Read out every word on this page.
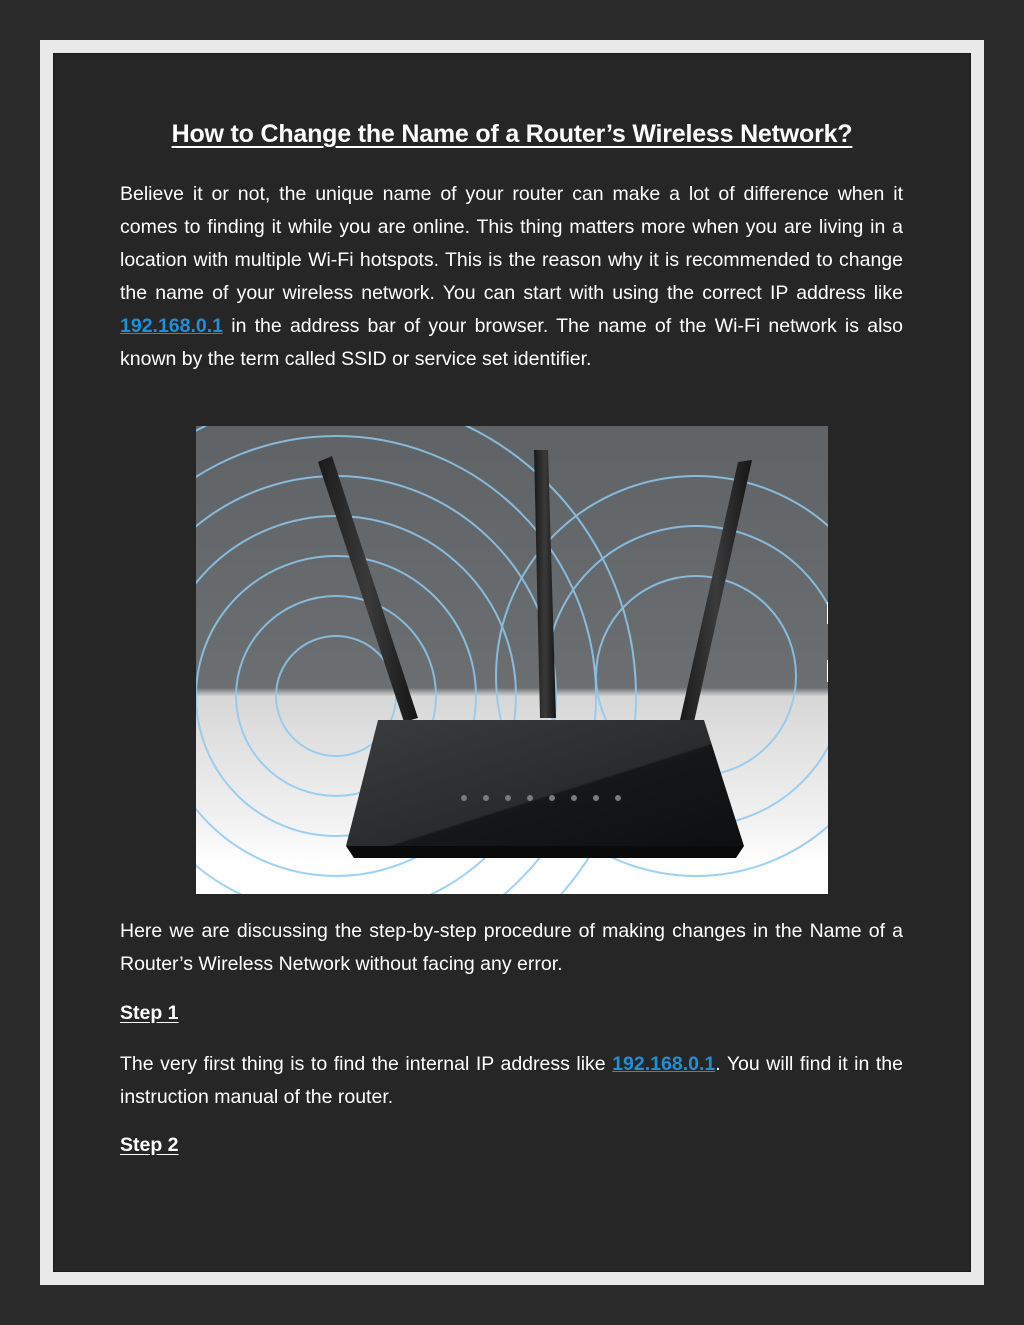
How to Change the Name of a Router’s Wireless Network?

Believe it or not, the unique name of your router can make a lot of difference when it comes to finding it while you are online. This thing matters more when you are living in a location with multiple Wi-Fi hotspots. This is the reason why it is recommended to change the name of your wireless network. You can start with using the correct IP address like 192.168.0.1 in the address bar of your browser. The name of the Wi-Fi network is also known by the term called SSID or service set identifier.

Here we are discussing the step-by-step procedure of making changes in the Name of a Router’s Wireless Network without facing any error.

Step 1

The very first thing is to find the internal IP address like 192.168.0.1. You will find it in the instruction manual of the router.

Step 2
